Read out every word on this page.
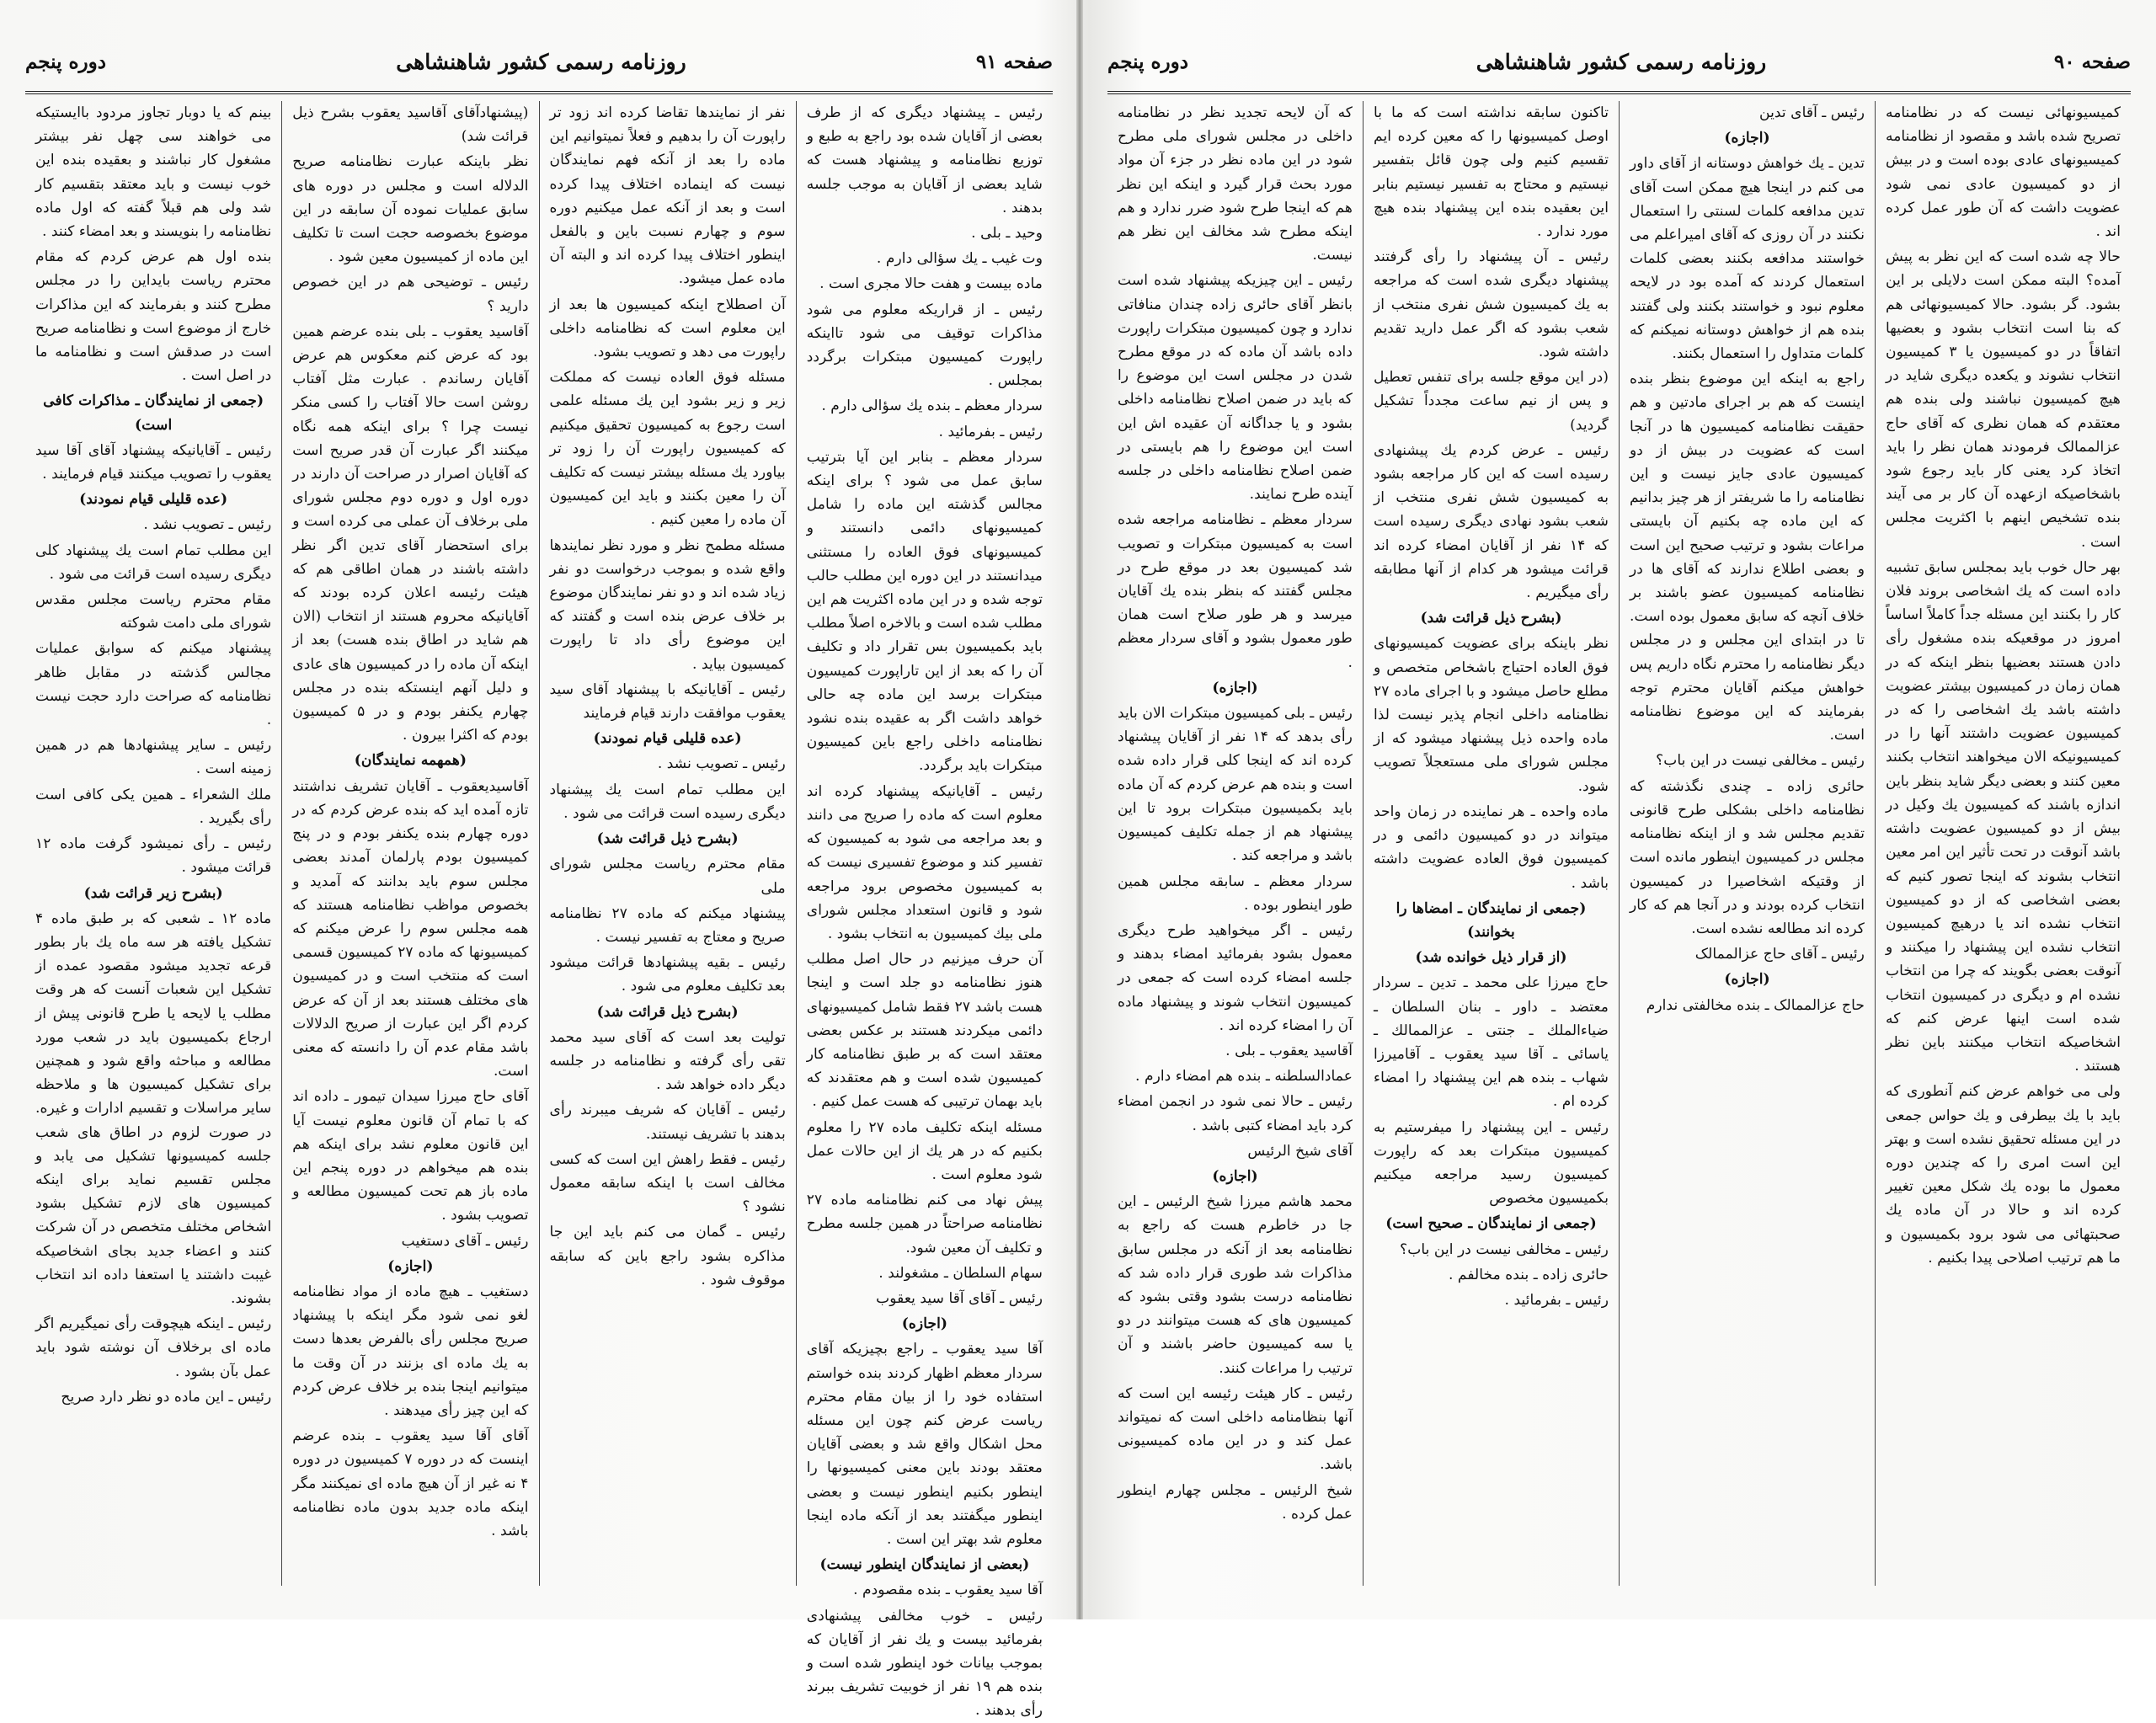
صفحه ۹۱
روزنامه رسمی کشور شاهنشاهی
دوره پنجم

رئیس ـ پیشنهاد دیگری که از طرف بعضی از آقایان شده بود راجع به طبع و توزیع نظامنامه و پیشنهاد هست که شاید بعضی از آقایان به موجب جلسه بدهند .

وحید ـ بلی .

وت غیب ـ یك سؤالی دارم .

ماده بیست و هفت حالا مجری است .

رئیس ـ از قراریکه معلوم می شود مذاکرات توقیف می شود تااینکه راپورت کمیسیون مبتکرات برگردد بمجلس .

سردار معظم ـ بنده یك سؤالی دارم .

رئیس ـ بفرمائید .

سردار معظم ـ بنابر این آیا بترتیب سابق عمل می شود ؟ برای اینکه مجالس گذشته این ماده را شامل کمیسیونهای دائمی دانستند و کمیسیونهای فوق العاده را مستثنی میدانستند در این دوره این مطلب حالب توجه شده و در این ماده اکثریت هم این مطلب شده است و بالاخره اصلاً مطلب باید بکمیسیون بس تقرار داد و تکلیف آن را که بعد از این تاراپورت کمیسیون مبتکرات برسد این ماده چه حالی خواهد داشت اگر به عقیده بنده نشود نظامنامه داخلی راجع باین کمیسیون مبتکرات باید برگردد.

رئیس ـ آقایانیکه پیشنهاد کرده اند معلوم است که ماده را صریح می دانند و بعد مراجعه می شود به کمیسیون که تفسیر کند و موضوع تفسیری نیست که به کمیسیون مخصوص برود مراجعه شود و قانون استعداد مجلس شورای ملی بیك کمیسیون به انتخاب بشود .

آن حرف میزنیم در حال اصل مطلب هنوز نظامنامه دو جلد است و اینجا هست باشد ۲۷ فقط شامل کمیسیونهای دائمی میکردند هستند بر عکس بعضی معتقد است که بر طبق نظامنامه کار کمیسیون شده است و هم معتقدند که باید بهمان ترتیبی که هست عمل کنیم .

مسئله اینکه تکلیف ماده ۲۷ را معلوم بکنیم که در هر یك از این حالات عمل شود معلوم است .

پیش نهاد می کنم نظامنامه ماده ۲۷ نظامنامه صراحتاً در همین جلسه مطرح و تکلیف آن معین شود.

سهام السلطان ـ مشغولند .

رئیس ـ آقای آقا سید یعقوب

(اجازه)

آقا سید یعقوب ـ راجع بچیزیکه آقای سردار معظم اظهار کردند بنده خواستم استفاده خود را از بیان مقام محترم ریاست عرض کنم چون این مسئله محل اشکال واقع شد و بعضی آقایان معتقد بودند باین معنی کمیسیونها را اینطور بکنیم اینطور نیست و بعضی اینطور میگفتند بعد از آنکه ماده اینجا معلوم شد بهتر این است .

(بعضی از نمایندگان اینطور نیست)

آقا سید یعقوب ـ بنده مقصودم .

رئیس ـ خوب مخالفی پیشنهادی بفرمائید بیست و یك نفر از آقایان که بموجب بیانات خود اینطور شده است و بنده هم ۱۹ نفر از خوبیت تشریف ببرند رأی بدهند .

نفر از نمایندها تقاضا کرده اند زود تر راپورت آن را بدهیم و فعلاً نمیتوانیم این ماده را بعد از آنکه فهم نمایندگان نیست که اینماده اختلاف پیدا کرده است و بعد از آنکه عمل میکنیم دوره سوم و چهارم نسبت باین و بالفعل اینطور اختلاف پیدا کرده اند و البته آن ماده عمل میشود.

آن اصطلاح اینکه کمیسیون ها بعد از این معلوم است که نظامنامه داخلی راپورت می دهد و تصویب بشود.

مسئله فوق العاده نیست که مملکت زیر و زیر بشود این یك مسئله علمی است رجوع به کمیسیون تحقیق میکنیم که کمیسیون راپورت آن را زود تر بیاورد یك مسئله بیشتر نیست که تکلیف آن را معین بکنند و باید این کمیسیون آن ماده را معین کنیم .

مسئله مطمح نظر و مورد نظر نمایندها واقع شده و بموجب درخواست دو نفر زیاد شده اند و دو نفر نمایندگان موضوع بر خلاف عرض بنده است و گفتند که این موضوع رأی داد تا راپورت کمیسیون بیاید .

رئیس ـ آقایانیکه با پیشنهاد آقای سید یعقوب موافقت دارند قیام فرمایند

(عده قلیلی قیام نمودند)

رئیس ـ تصویب نشد .

این مطلب تمام است یك پیشنهاد دیگری رسیده است قرائت می شود .

(بشرح ذیل قرائت شد)

مقام محترم ریاست مجلس شورای ملی

پیشنهاد میکنم که ماده ۲۷ نظامنامه صریح و معتاج به تفسیر نیست .

رئیس ـ بقیه پیشنهادها قرائت میشود بعد تکلیف معلوم می شود .

(بشرح ذیل قرائت شد)

تولیت بعد است که آقای سید محمد تقی رأی گرفته و نظامنامه در جلسه دیگر داده خواهد شد .

رئیس ـ آقایان که شریف میبرند رأی بدهند با تشریف نیستند.

رئیس ـ فقط راهش این است که کسی مخالف است با اینکه سابقه معمول نشود ؟

رئیس ـ گمان می کنم باید این جا مذاکره بشود راجع باین که سابقه موقوف شود .

(پیشنهادآقای آقاسید یعقوب بشرح ذیل قرائت شد)

نظر باینکه عبارت نظامنامه صریح الدلاله است و مجلس در دوره های سابق عملیات نموده آن سابقه در این موضوع بخصوصه حجت است تا تکلیف این ماده از کمیسیون معین شود .

رئیس ـ توضیحی هم در این خصوص دارید ؟

آقاسید یعقوب ـ بلی بنده عرضم همین بود که عرض کنم معکوس هم عرض آقایان رساندم . عبارت مثل آفتاب روشن است حالا آفتاب را کسی منکر نیست چرا ؟ برای اینکه همه نگاه میکنند اگر عبارت آن قدر صریح است که آقایان اصرار در صراحت آن دارند در دوره اول و دوره دوم مجلس شورای ملی برخلاف آن عملی می کرده است و برای استحضار آقای تدین اگر نظر داشته باشند در همان اطاقی هم که هیئت رئیسه اعلان کرده بودند که آقایانیکه محروم هستند از انتخاب (الان هم شاید در اطاق بنده هست) بعد از اینکه آن ماده را در کمیسیون های عادی و دلیل آنهم اینستکه بنده در مجلس چهارم یکنفر بودم و در ۵ کمیسیون بودم که اکثرا بیرون .

(همهمه نمایندگان)

آقاسیدیعقوب ـ آقایان تشریف نداشتند تازه آمده اید که بنده عرض کردم که در دوره چهارم بنده یکنفر بودم و در پنج کمیسیون بودم پارلمان آمدند بعضی مجلس سوم باید بدانند که آمدید و بخصوص مواظب نظامنامه هستند که همه مجلس سوم را عرض میکنم که کمیسیونها که ماده ۲۷ کمیسیون قسمی است که منتخب است و در کمیسیون های مختلف هستند بعد از آن که عرض کردم اگر این عبارت از صریح الدلالات باشد مقام عدم آن را دانسته که معنی است.

آقای حاج میرزا سیدان تیمور ـ داده اند که با تمام آن قانون معلوم نیست آیا این قانون معلوم نشد برای اینکه هم بنده هم میخواهم در دوره پنجم این ماده باز هم تحت کمیسیون مطالعه و تصویب بشود .

رئیس ـ آقای دستغیب

(اجازه)

دستغیب ـ هیچ ماده از مواد نظامنامه لغو نمی شود مگر اینکه با پیشنهاد صریح مجلس رأی بالفرض بعدها دست به یك ماده ای بزنند در آن وقت ما میتوانیم اینجا بنده بر خلاف عرض کردم که این چیز رأی میدهند .

آقای آقا سید یعقوب ـ بنده عرضم اینست که در دوره ۷ کمیسیون در دوره ۴ نه غیر از آن هیچ ماده ای نمیکنند مگر اینکه ماده جدید بدون ماده نظامنامه باشد .

بینم که یا دوبار تجاوز مردود باایستیکه می خواهند سی چهل نفر بیشتر مشغول کار نباشند و بعقیده بنده این خوب نیست و باید معتقد بتقسیم کار شد ولی هم قبلاً گفته که اول ماده نظامنامه را بنویسند و بعد امضاء کنند .

بنده اول هم عرض کردم که مقام محترم ریاست بایداین را در مجلس مطرح کنند و بفرمایند که این مذاکرات خارج از موضوع است و نظامنامه صریح است در صدقش است و نظامنامه ما در اصل است .

(جمعی از نمایندگان ـ مذاکرات کافی است)

رئیس ـ آقایانیکه پیشنهاد آقای آقا سید یعقوب را تصویب میکنند قیام فرمایند .

(عده قلیلی قیام نمودند)

رئیس ـ تصویب نشد .

این مطلب تمام است یك پیشنهاد کلی دیگری رسیده است قرائت می شود .

مقام محترم ریاست مجلس مقدس شورای ملی دامت شوکته

پیشنهاد میکنم که سوابق عملیات مجالس گذشته در مقابل ظاهر نظامنامه که صراحت دارد حجت نیست .

رئیس ـ سایر پیشنهادها هم در همین زمینه است .

ملك الشعراء ـ همین یکی کافی است رأی بگیرید .

رئیس ـ رأی نمیشود گرفت ماده ۱۲ قرائت میشود .

(بشرح زیر قرائت شد)

ماده ۱۲ ـ شعبی که بر طبق ماده ۴ تشکیل یافته هر سه ماه یك بار بطور قرعه تجدید میشود مقصود عمده از تشکیل این شعبات آنست که هر وقت مطلب یا لایحه یا طرح قانونی پیش از ارجاع بکمیسیون باید در شعب مورد مطالعه و مباحثه واقع شود و همچنین برای تشکیل کمیسیون ها و ملاحظه سایر مراسلات و تقسیم ادارات و غیره. در صورت لزوم در اطاق های شعب جلسه کمیسیونها تشکیل می یابد و مجلس تقسیم نماید برای اینکه کمیسیون های لازم تشکیل بشود اشخاص مختلف متخصص در آن شرکت کنند و اعضاء جدید بجای اشخاصیکه غیبت داشتند یا استعفا داده اند انتخاب بشوند.

رئیس ـ اینکه هیچوقت رأی نمیگیریم اگر ماده ای برخلاف آن نوشته شود باید عمل بآن بشود .

رئیس ـ این ماده دو نظر دارد صریح

صفحه ۹۰
روزنامه رسمی کشور شاهنشاهی
دوره پنجم

کمیسیونهائی نیست که در نظامنامه تصریح شده باشد و مقصود از نظامنامه کمیسیونهای عادی بوده است و در بیش از دو کمیسیون عادی نمی شود عضویت داشت که آن طور عمل کرده اند .

حالا چه شده است که این نظر به پیش آمده؟ البته ممکن است دلایلی بر این بشود. گر بشود. حالا کمیسیونهائی هم که بنا است انتخاب بشود و بعضیها اتفاقاً در دو کمیسیون یا ۳ کمیسیون انتخاب نشوند و یکعده دیگری شاید در هیچ کمیسیون نباشند ولی بنده هم معتقدم که همان نظری که آقای حاج عزالممالک فرمودند همان نظر را باید اتخاذ کرد یعنی کار باید رجوع شود باشخاصیکه ازعهده آن کار بر می آیند بنده تشخیص اینهم با اکثریت مجلس است .

بهر حال خوب باید بمجلس سابق تشبیه داده است که یك اشخاصی بروند فلان کار را بکنند این مسئله جداً کاملاً اساساً امروز در موقعیکه بنده مشغول رأی دادن هستند بعضیها بنظر اینکه که در همان زمان در کمیسیون بیشتر عضویت داشته باشد یك اشخاصی را که در کمیسیون عضویت داشتند آنها را در کمیسیونیکه الان میخواهند انتخاب بکنند معین کنند و بعضی دیگر شاید بنظر باین اندازه باشند که کمیسیون یك وکیل در بیش از دو کمیسیون عضویت داشته باشد آنوقت در تحت تأثیر این امر معین انتخاب بشوند که اینجا تصور کنیم که بعضی اشخاصی که از دو کمیسیون انتخاب نشده اند یا درهیچ کمیسیون انتخاب نشده این پیشنهاد را میکنند و آنوقت بعضی بگویند که چرا من انتخاب نشده ام و دیگری در کمیسیون انتخاب شده است اینها عرض کنم که اشخاصیکه انتخاب میکنند باین نظر هستند .

ولی می خواهم عرض کنم آنطوری که باید با یك بیطرفی و یك حواس جمعی در این مسئله تحقیق نشده است و بهتر این است امری را که چندین دوره معمول ما بوده یك شکل معین تغییر کرده اند و حالا در آن ماده یك صحبتهائی می شود برود بکمیسیون و ما هم ترتیب اصلاحی پیدا بکنیم .

رئیس ـ آقای تدین

(اجازه)

تدین ـ یك خواهش دوستانه از آقای داور می کنم در اینجا هیچ ممکن است آقای تدین مدافعه کلمات لسنتی را استعمال نکنند در آن روزی که آقای امیراعلم می خواستند مدافعه بکنند بعضی کلمات استعمال کردند که آمده بود در لایحه معلوم نبود و خواستند بکنند ولی گفتند بنده هم از خواهش دوستانه نمیکنم که کلمات متداول را استعمال بکنند.

راجع به اینکه این موضوع بنظر بنده اینست که هم بر اجرای مادتین و هم حقیقت نظامنامه کمیسیون ها در آنجا است که عضویت در بیش از دو کمیسیون عادی جایز نیست و این نظامنامه را ما شریفتر از هر چیز بدانیم که این ماده چه بکنیم آن بایستی مراعات بشود و ترتیب صحیح این است و بعضی اطلاع ندارند که آقای ها در نظامنامه کمیسیون عضو باشند بر خلاف آنچه که سابق معمول بوده است. تا در ابتدای این مجلس و در مجلس دیگر نظامنامه را محترم نگاه داریم پس خواهش میکنم آقایان محترم توجه بفرمایند که این موضوع نظامنامه است.

رئیس ـ مخالفی نیست در این باب؟

حائری زاده ـ چندی نگذشته که نظامنامه داخلی بشکلی طرح قانونی تقدیم مجلس شد و از اینکه نظامنامه مجلس در کمیسیون اینطور مانده است از وقتیکه اشخاصیرا در کمیسیون انتخاب کرده بودند و در آنجا هم که کار کرده اند مطالعه نشده است.

رئیس ـ آقای حاج عزالممالک

(اجازه)

حاج عزالممالک ـ بنده مخالفتی ندارم

تاکنون سابقه نداشته است که ما با اوصل کمیسیونها را که معین کرده ایم تقسیم کنیم ولی چون قائل بتفسیر نیستیم و محتاج به تفسیر نیستیم بنابر این بعقیده بنده این پیشنهاد بنده هیچ مورد ندارد .

رئیس ـ آن پیشنهاد را رأی گرفتند پیشنهاد دیگری شده است که مراجعه به یك کمیسیون شش نفری منتخب از شعب بشود که اگر عمل دارید تقدیم داشته شود.

(در این موقع جلسه برای تنفس تعطیل و پس از نیم ساعت مجدداً تشکیل گردید)

رئیس ـ عرض کردم یك پیشنهادی رسیده است که این کار مراجعه بشود به کمیسیون شش نفری منتخب از شعب بشود نهادی دیگری رسیده است که ۱۴ نفر از آقایان امضاء کرده اند قرائت میشود هر کدام از آنها مطابقه رأی میگیریم .

(بشرح ذیل قرائت شد)

نظر باینکه برای عضویت کمیسیونهای فوق العاده احتیاج باشخاص متخصص و مطلع حاصل میشود و با اجرای ماده ۲۷ نظامنامه داخلی انجام پذیر نیست لذا ماده واحده ذیل پیشنهاد میشود که از مجلس شورای ملی مستعجلاً تصویب شود.

ماده واحده ـ هر نماینده در زمان واحد میتواند در دو کمیسیون دائمی و در کمیسیون فوق العاده عضویت داشته باشد .

(جمعی از نمایندگان ـ امضاها را بخوانند)

(از قرار ذیل خوانده شد)

حاج میرزا علی محمد ـ تدین ـ سردار معتضد ـ داور ـ بنان السلطان ـ ضیاءالملك ـ جنتی ـ عزالممالك ـ یاسائی ـ آقا سید یعقوب ـ آقامیرزا شهاب ـ بنده هم این پیشنهاد را امضاء کرده ام .

رئیس ـ این پیشنهاد را میفرستیم به کمیسیون مبتکرات بعد که راپورت کمیسیون رسید مراجعه میکنیم بکمیسیون مخصوص

(جمعی از نمایندگان ـ صحیح است)

رئیس ـ مخالفی نیست در این باب؟

حائری زاده ـ بنده مخالفم .

رئیس ـ بفرمائید .

که آن لایحه تجدید نظر در نظامنامه داخلی در مجلس شورای ملی مطرح شود در این ماده نظر در جزء آن مواد مورد بحث قرار گیرد و اینکه این نظر هم که اینجا طرح شود ضرر ندارد و هم اینکه مطرح شد مخالف این نظر هم نیست.

رئیس ـ این چیزیکه پیشنهاد شده است بانظر آقای حائری زاده چندان منافاتی ندارد و چون کمیسیون مبتکرات راپورت داده باشد آن ماده که در موقع مطرح شدن در مجلس است این موضوع را که باید در ضمن اصلاح نظامنامه داخلی بشود و یا جداگانه آن عقیده اش این است این موضوع را هم بایستی در ضمن اصلاح نظامنامه داخلی در جلسه آینده طرح نمایند.

سردار معظم ـ نظامنامه مراجعه شده است به کمیسیون مبتکرات و تصویب شد کمیسیون بعد در موقع طرح در مجلس گفتند که بنظر بنده یك آقایان میرسد و هر طور صلاح است همان طور معمول بشود و آقای سردار معظم .

(اجازه)

رئیس ـ بلی کمیسیون مبتکرات الان باید رأی بدهد که ۱۴ نفر از آقایان پیشنهاد کرده اند که اینجا کلی قرار داده شده است و بنده هم عرض کردم که آن ماده باید بکمیسیون مبتکرات برود تا این پیشنهاد هم از جمله تکلیف کمیسیون باشد و مراجعه کند .

سردار معظم ـ سابقه مجلس همین طور اینطور بوده .

رئیس ـ اگر میخواهید طرح دیگری معمول بشود بفرمائید امضاء بدهند و جلسه امضاء کرده است که جمعی در کمیسیون انتخاب شوند و پیشنهاد ماده آن را امضاء کرده اند .

آقاسید یعقوب ـ بلی .

عمادالسلطنه ـ بنده هم امضاء دارم .

رئیس ـ حالا نمی شود در انجمن امضاء کرد باید امضاء کتبی باشد .

آقای شیخ الرئیس

(اجازه)

محمد هاشم میرزا شیخ الرئیس ـ این جا در خاطرم هست که راجع به نظامنامه بعد از آنکه در مجلس سابق مذاکرات شد طوری قرار داده شد که نظامنامه درست بشود وقتی بشود که کمیسیون های که هست میتوانند در دو یا سه کمیسیون حاضر باشند و آن ترتیب را مراعات کنند.

رئیس ـ کار هیئت رئیسه این است که آنها بنظامنامه داخلی است که نمیتواند عمل کند و در این ماده کمیسیونی باشد.

شیخ الرئیس ـ مجلس چهارم اینطور عمل کرده .
